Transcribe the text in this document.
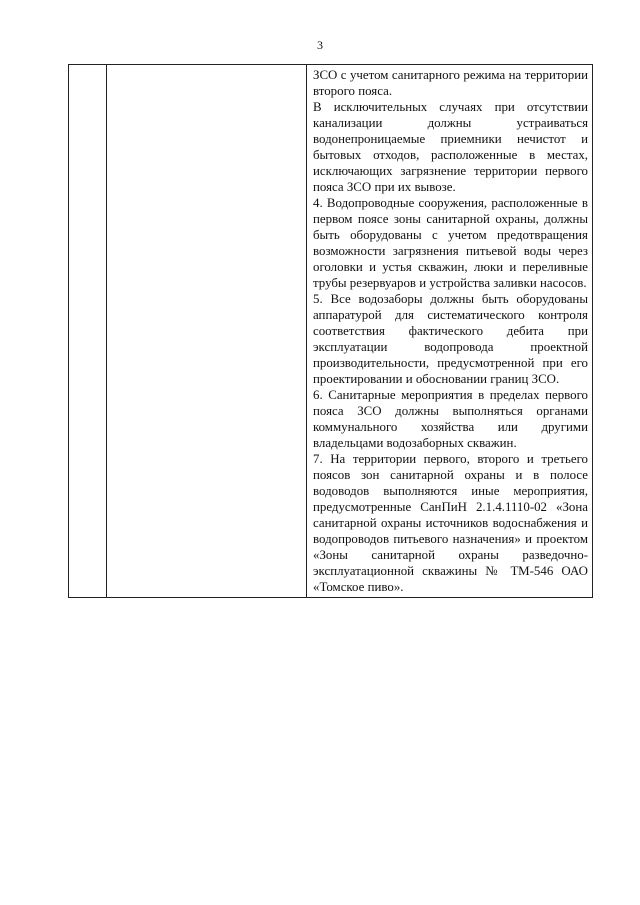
3

ЗСО с учетом санитарного режима на территории второго пояса.

В исключительных случаях при отсутствии канализации должны устраиваться водонепроницаемые приемники нечистот и бытовых отходов, расположенные в местах, исключающих загрязнение территории первого пояса ЗСО при их вывозе.

4. Водопроводные сооружения, расположенные в первом поясе зоны санитарной охраны, должны быть оборудованы с учетом предотвращения возможности загрязнения питьевой воды через оголовки и устья скважин, люки и переливные трубы резервуаров и устройства заливки насосов.

5. Все водозаборы должны быть оборудованы аппаратурой для систематического контроля соответствия фактического дебита при эксплуатации водопровода проектной производительности, предусмотренной при его проектировании и обосновании границ ЗСО.

6. Санитарные мероприятия в пределах первого пояса ЗСО должны выполняться органами коммунального хозяйства или другими владельцами водозаборных скважин.

7. На территории первого, второго и третьего поясов зон санитарной охраны и в полосе водоводов выполняются иные мероприятия, предусмотренные СанПиН 2.1.4.1110-02 «Зона санитарной охраны источников водоснабжения и водопроводов питьевого назначения» и проектом «Зоны санитарной охраны разведочно-эксплуатационной скважины № ТМ-546 ОАО «Томское пиво».
